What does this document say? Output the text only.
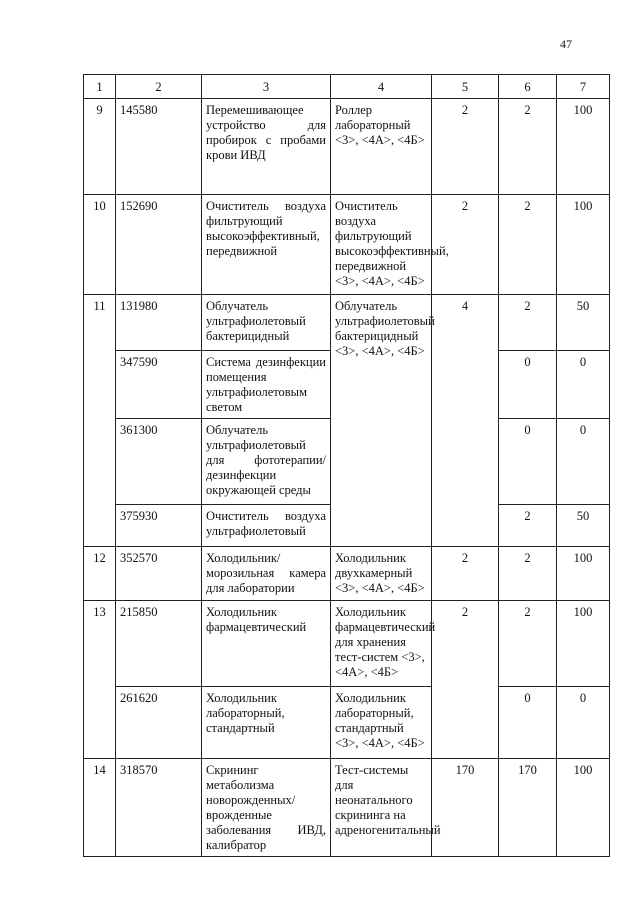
47
1	2	3	4	5	6	7
9	145580	Перемешивающее устройство для пробирок с пробами крови ИВД	Роллер лабораторный <3>, <4А>, <4Б>	2	2	100
10	152690	Очиститель воздуха фильтрующий высокоэффективный, передвижной	Очиститель воздуха фильтрующий высокоэффективный, передвижной <3>, <4А>, <4Б>	2	2	100
11	131980	Облучатель ультрафиолетовый бактерицидный	Облучатель ультрафиолетовый бактерицидный <3>, <4А>, <4Б>	4	2	50
	347590	Система дезинфекции помещения ультрафиолетовым светом			0	0
	361300	Облучатель ультрафиолетовый для фототерапии/дезинфекции окружающей среды			0	0
	375930	Очиститель воздуха ультрафиолетовый			2	50
12	352570	Холодильник/морозильная камера для лаборатории	Холодильник двухкамерный <3>, <4А>, <4Б>	2	2	100
13	215850	Холодильник фармацевтический	Холодильник фармацевтический для хранения тест-систем <3>, <4А>, <4Б>	2	2	100
	261620	Холодильник лабораторный, стандартный	Холодильник лабораторный, стандартный <3>, <4А>, <4Б>		0	0
14	318570	Скрининг метаболизма новорожденных/врожденные заболевания ИВД, калибратор	Тест-системы для неонатального скрининга на адреногенитальный	170	170	100
